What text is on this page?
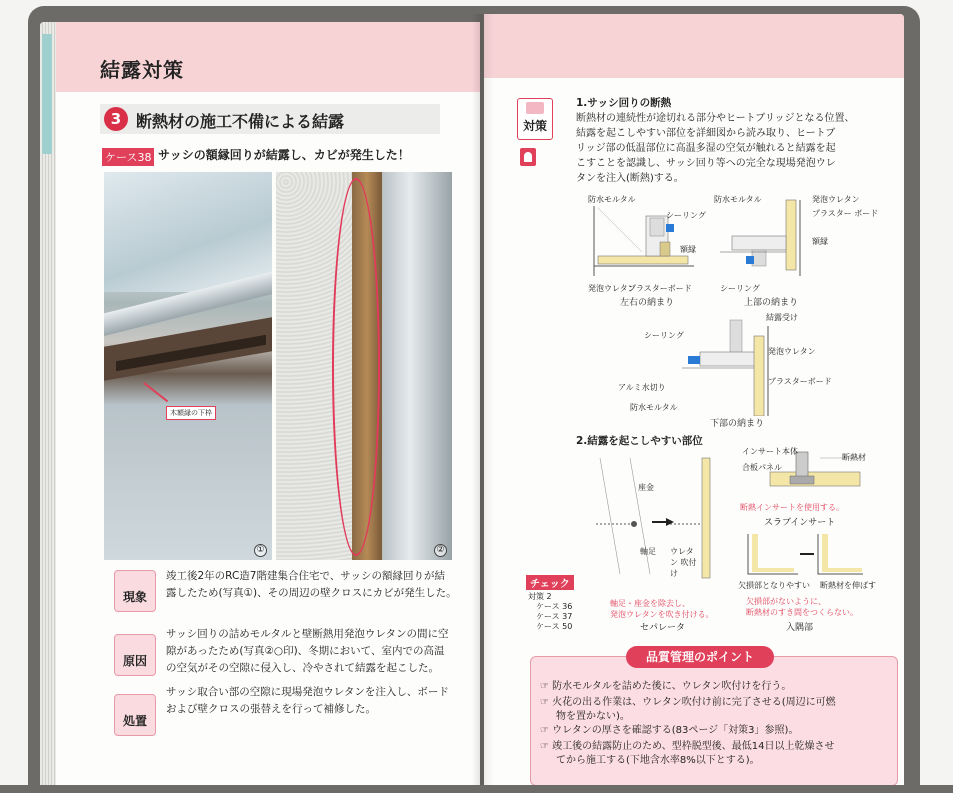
結露対策
3 断熱材の施工不備による結露
ケース38 サッシの額縁回りが結露し、カビが発生した！
①	②
木額縁の下枠
現象
竣工後2年のRC造7階建集合住宅で、サッシの額縁回りが結
露したため(写真①)、その周辺の壁クロスにカビが発生した。
原因
サッシ回りの詰めモルタルと壁断熱用発泡ウレタンの間に空
隙があったため(写真②○印)、冬期において、室内での高温
の空気がその空隙に侵入し、冷やされて結露を起こした。
処置
サッシ取合い部の空隙に現場発泡ウレタンを注入し、ボード
および壁クロスの張替えを行って補修した。
対策
1.サッシ回りの断熱
断熱材の連続性が途切れる部分やヒートブリッジとなる位置、
結露を起こしやすい部位を詳細図から読み取り、ヒートブ
リッジ部の低温部位に高温多湿の空気が触れると結露を起
こすことを認識し、サッシ回り等への完全な現場発泡ウレ
タンを注入(断熱)する。
防水モルタル
シーリング
額縁
発泡ウレタン
プラスターボード
左右の納まり
防水モルタル	発泡ウレタン
プラスター ボード
額縁
シーリング
上部の納まり
結露受け
シーリング
発泡ウレタン
アルミ水切り
プラスターボード
防水モルタル
下部の納まり
2.結露を起こしやすい部位
座金
軸足 ウレタン 吹付け
軸足・座金を除去し、
発泡ウレタンを吹き付ける。
セパレータ
インサート本体
断熱材
合板パネル
断熱インサートを使用する。
スラブインサート
欠損部となりやすい 断熱材を伸ばす
欠損部がないように、
断熱材のすき間をつくらない。
入隅部
チェック
対策 2
ケース 36
ケース 37
ケース 50
品質管理のポイント
☞ 防水モルタルを詰めた後に、ウレタン吹付けを行う。
☞ 火花の出る作業は、ウレタン吹付け前に完了させる(周辺に可燃
物を置かない)。
☞ ウレタンの厚さを確認する(83ページ「対策3」参照)。
☞ 竣工後の結露防止のため、型枠脱型後、最低14日以上乾燥させ
てから施工する(下地含水率8%以下とする)。
